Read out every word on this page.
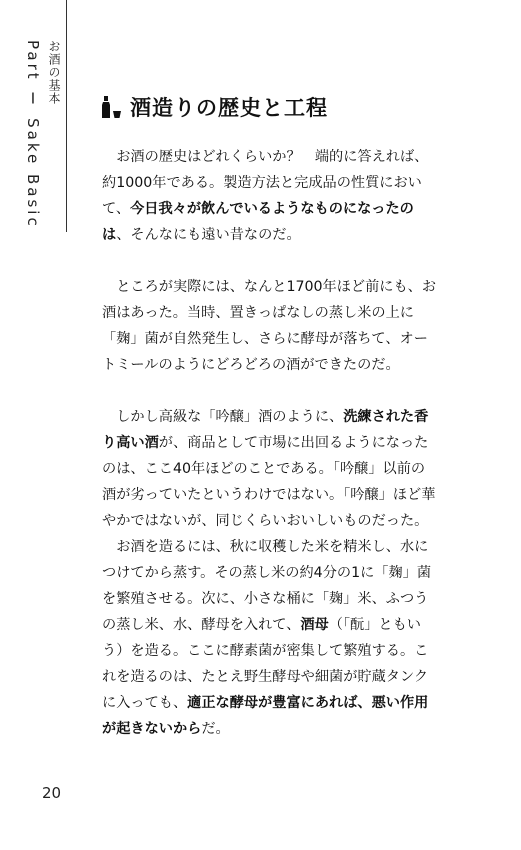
Part Ⅰ Sake Basic お酒の基本
酒造りの歴史と工程

お酒の歴史はどれくらいか？　端的に答えれば、約1000年である。製造方法と完成品の性質において、今日我々が飲んでいるようなものになったのは、そんなにも遠い昔なのだ。

ところが実際には、なんと1700年ほど前にも、お酒はあった。当時、置きっぱなしの蒸し米の上に「麹」菌が自然発生し、さらに酵母が落ちて、オートミールのようにどろどろの酒ができたのだ。

しかし高級な「吟醸」酒のように、洗練された香り高い酒が、商品として市場に出回るようになったのは、ここ40年ほどのことである。「吟醸」以前の酒が劣っていたというわけではない。「吟醸」ほど華やかではないが、同じくらいおいしいものだった。

お酒を造るには、秋に収穫した米を精米し、水につけてから蒸す。その蒸し米の約4分の1に「麹」菌を繁殖させる。次に、小さな桶に「麹」米、ふつうの蒸し米、水、酵母を入れて、酒母（「酛」ともいう）を造る。ここに酵素菌が密集して繁殖する。これを造るのは、たとえ野生酵母や細菌が貯蔵タンクに入っても、適正な酵母が豊富にあれば、悪い作用が起きないからだ。

20
